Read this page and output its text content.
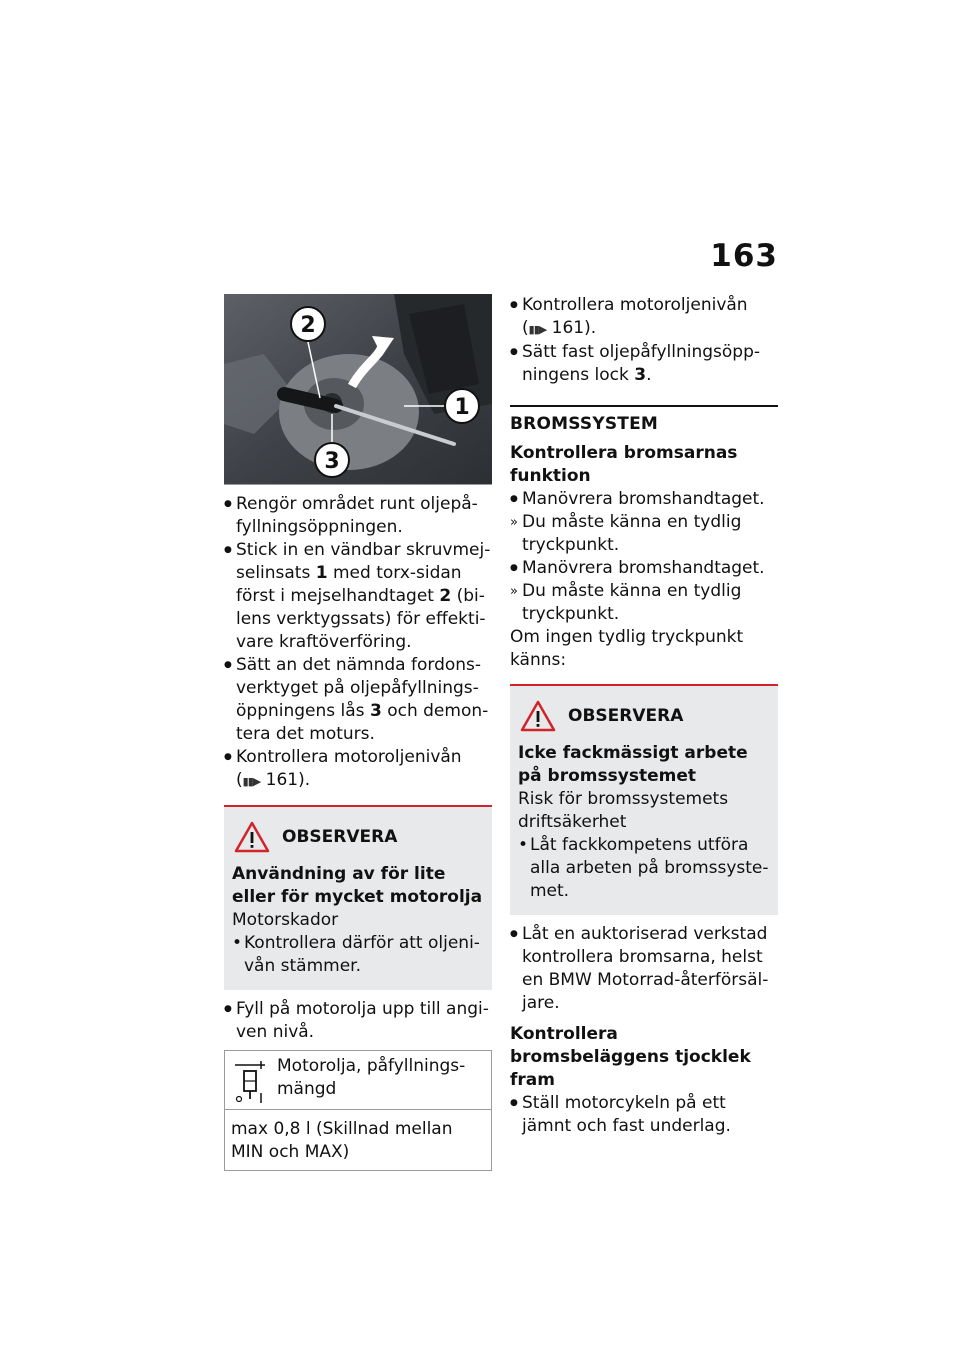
163
2
1
3

● Rengör området runt oljepå- fyllningsöppningen.

● Stick in en vändbar skruvmej- selinsats 1 med torx-sidan först i mejselhandtaget 2 (bi- lens verktygssats) för effekti- vare kraftöverföring.

● Sätt an det nämnda fordons- verktyget på oljepåfyllnings- öppningens lås 3 och demon- tera det moturs.

● Kontrollera motoroljenivån
(▮▮▶ 161).

OBSERVERA

Användning av för lite eller för mycket motorolja

Motorskador

• Kontrollera därför att oljeni- vån stämmer.

● Fyll på motorolja upp till angi- ven nivå.

Motorolja, påfyllnings- mängd
max 0,8 l (Skillnad mellan MIN och MAX)

● Kontrollera motoroljenivån
(▮▮▶ 161).

● Sätt fast oljepåfyllningsöpp- ningens lock 3.

BROMSSYSTEM

Kontrollera bromsarnas funktion

● Manövrera bromshandtaget.

» Du måste känna en tydlig tryckpunkt.

● Manövrera bromshandtaget.

» Du måste känna en tydlig tryckpunkt.

Om ingen tydlig tryckpunkt känns:

OBSERVERA

Icke fackmässigt arbete på bromssystemet

Risk för bromssystemets driftsäkerhet

• Låt fackkompetens utföra alla arbeten på bromssyste- met.

● Låt en auktoriserad verkstad kontrollera bromsarna, helst en BMW Motorrad-återförsäl- jare.

Kontrollera bromsbeläggens tjocklek fram

● Ställ motorcykeln på ett jämnt och fast underlag.
